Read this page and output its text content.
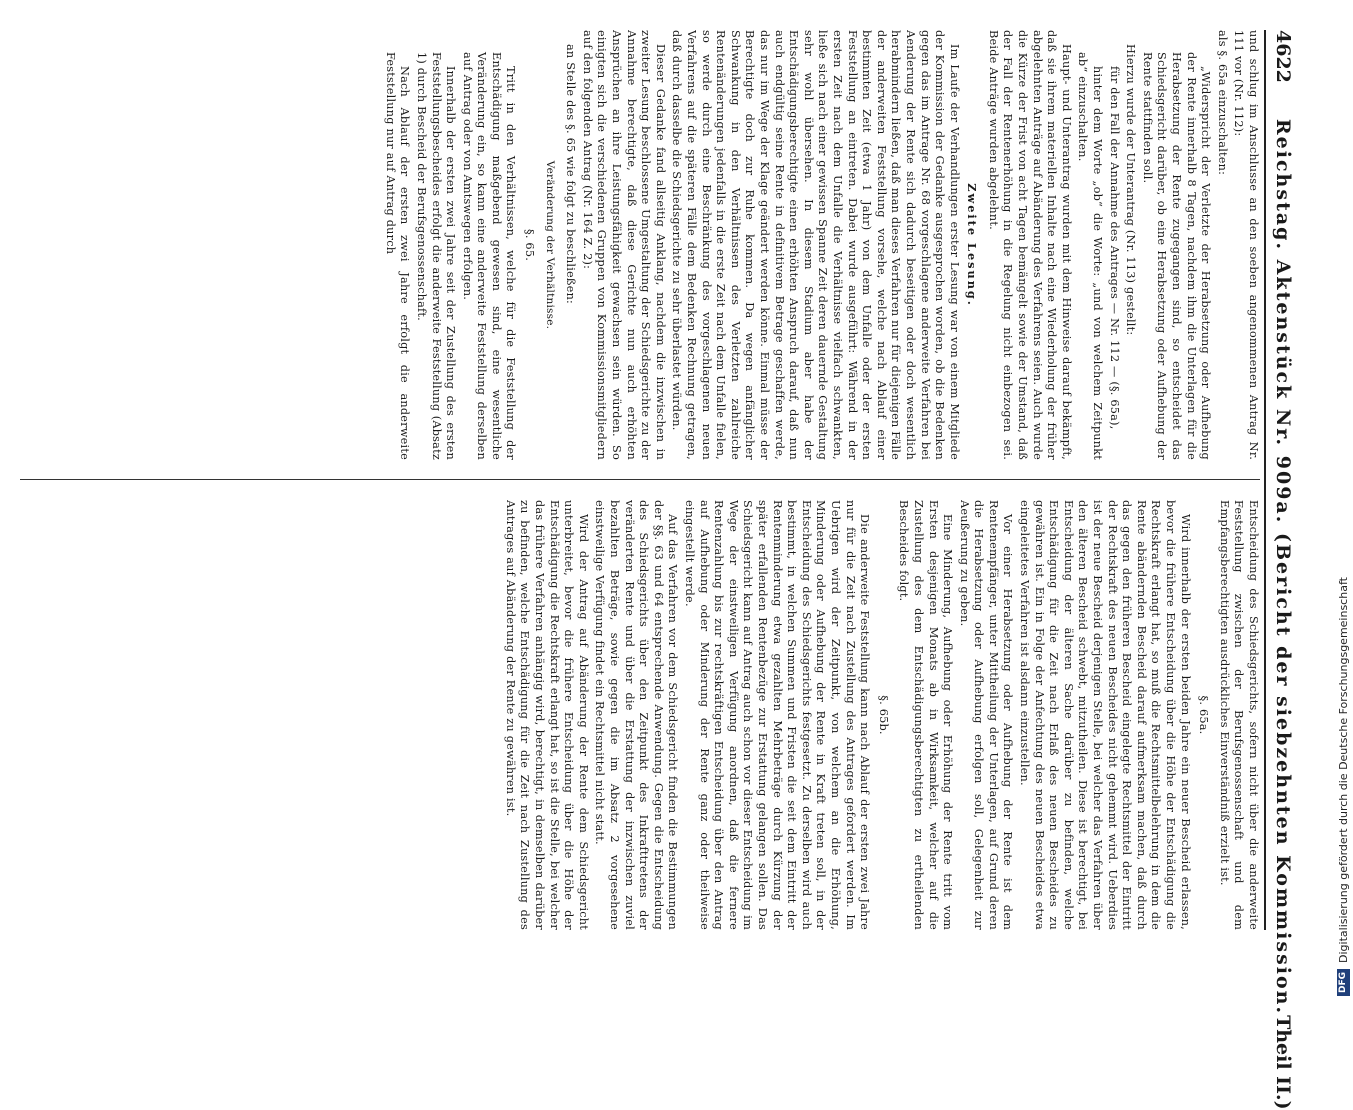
4622
Reichstag. Aktenstück Nr. 909a. (Bericht der siebzehnten Kommission.
Theil II.)

und schlug im Anschlusse an den soeben angenommenen Antrag Nr. 111 vor (Nr. 112):

als §. 65a einzuschalten:

„Widerspricht der Verletzte der Herabsetzung oder Aufhebung der Rente innerhalb 8 Tagen, nachdem ihm die Unterlagen für die Herabsetzung der Rente zugegangen sind, so entscheidet das Schiedsgericht darüber, ob eine Herabsetzung oder Aufhebung der Rente stattfinden soll.

Hierzu wurde der Unterantrag (Nr. 113) gestellt:

für den Fall der Annahme des Antrages — Nr. 112 — (§. 65a),

hinter dem Worte „ob“ die Worte: „und von welchem Zeitpunkt ab“ einzuschalten.

Haupt- und Unterantrag wurden mit dem Hinweise darauf bekämpft, daß sie ihrem materiellen Inhalte nach eine Wiederholung der früher abgelehnten Anträge auf Abänderung des Verfahrens seien. Auch wurde die Kürze der Frist von acht Tagen bemängelt sowie der Umstand, daß der Fall der Rentenerhöhung in die Regelung nicht einbezogen sei. Beide Anträge wurden abgelehnt.

Zweite Lesung.

Im Laufe der Verhandlungen erster Lesung war von einem Mitgliede der Kommission der Gedanke ausgesprochen worden, ob die Bedenken gegen das im Antrage Nr. 68 vorgeschlagene anderweite Verfahren bei Aenderung der Rente sich dadurch beseitigen oder doch wesentlich herabmindern ließen, daß man dieses Verfahren nur für diejenigen Fälle der anderweiten Feststellung vorsehe, welche nach Ablauf einer bestimmten Zeit (etwa 1 Jahr) von dem Unfalle oder der ersten Feststellung an eintreten. Dabei wurde ausgeführt: Während in der ersten Zeit nach dem Unfalle die Verhältnisse vielfach schwankten, ließe sich nach einer gewissen Spanne Zeit deren dauernde Gestaltung sehr wohl übersehen. In diesem Stadium aber habe der Entschädigungsberechtigte einen erhöhten Anspruch darauf, daß nun auch endgültig seine Rente in definitivem Betrage geschaffen werde, das nur im Wege der Klage geändert werden könne. Einmal müsse der Berechtigte doch zur Ruhe kommen. Da wegen anfänglicher Schwankung in den Verhältnissen des Verletzten zahlreiche Rentenänderungen jedenfalls in die erste Zeit nach dem Unfalle fielen, so werde durch eine Beschränkung des vorgeschlagenen neuen Verfahrens auf die späteren Fälle dem Bedenken Rechnung getragen, daß durch dasselbe die Schiedsgerichte zu sehr überlastet würden.

Dieser Gedanke fand allseitig Anklang, nachdem die inzwischen in zweiter Lesung beschlossene Umgestaltung der Schiedsgerichte zu der Annahme berechtigte, daß diese Gerichte nun auch erhöhten Ansprüchen an ihre Leistungsfähigkeit gewachsen sein würden. So einigten sich die verschiedenen Gruppen von Kommissionsmitgliedern auf den folgenden Antrag (Nr. 164 Z. 2):

an Stelle des §. 65 wie folgt zu beschließen:

Veränderung der Verhältnisse.
§. 65.

Tritt in den Verhältnissen, welche für die Feststellung der Entschädigung maßgebend gewesen sind, eine wesentliche Veränderung ein, so kann eine anderweite Feststellung derselben auf Antrag oder von Amtswegen erfolgen.

Innerhalb der ersten zwei Jahre seit der Zustellung des ersten Feststellungsbescheides erfolgt die anderweite Feststellung (Absatz 1) durch Bescheid der Berufsgenossenschaft.

Nach Ablauf der ersten zwei Jahre erfolgt die anderweite Feststellung nur auf Antrag durch

Entscheidung des Schiedsgerichts, sofern nicht über die anderweite Feststellung zwischen der Berufsgenossenschaft und dem Empfangsberechtigten ausdrückliches Einverständniß erzielt ist.

§. 65a.

Wird innerhalb der ersten beiden Jahre ein neuer Bescheid erlassen, bevor die frühere Entscheidung über die Höhe der Entschädigung die Rechtskraft erlangt hat, so muß die Rechtsmittelbelehrung in dem die Rente abändernden Bescheid darauf aufmerksam machen, daß durch das gegen den früheren Bescheid eingelegte Rechtsmittel der Eintritt der Rechtskraft des neuen Bescheides nicht gehemmt wird. Ueberdies ist der neue Bescheid derjenigen Stelle, bei welcher das Verfahren über den älteren Bescheid schwebt, mitzutheilen. Diese ist berechtigt, bei Entscheidung der älteren Sache darüber zu befinden, welche Entschädigung für die Zeit nach Erlaß des neuen Bescheides zu gewähren ist. Ein in Folge der Anfechtung des neuen Bescheides etwa eingeleitetes Verfahren ist alsdann einzustellen.

Vor einer Herabsetzung oder Aufhebung der Rente ist dem Rentenempfänger, unter Mittheilung der Unterlagen, auf Grund deren die Herabsetzung oder Aufhebung erfolgen soll, Gelegenheit zur Aeußerung zu geben.

Eine Minderung, Aufhebung oder Erhöhung der Rente tritt vom Ersten desjenigen Monats ab in Wirksamkeit, welcher auf die Zustellung des dem Entschädigungsberechtigten zu ertheilenden Bescheides folgt.

§. 65b.

Die anderweite Feststellung kann nach Ablauf der ersten zwei Jahre nur für die Zeit nach Zustellung des Antrages gefordert werden. Im Uebrigen wird der Zeitpunkt, von welchem an die Erhöhung, Minderung oder Aufhebung der Rente in Kraft treten soll, in der Entscheidung des Schiedsgerichts festgesetzt. Zu derselben wird auch bestimmt, in welchen Summen und Fristen die seit dem Eintritt der Rentenminderung etwa gezahlten Mehrbeträge durch Kürzung der später erfallenden Rentenbezüge zur Erstattung gelangen sollen. Das Schiedsgericht kann auf Antrag auch schon vor dieser Entscheidung im Wege der einstweiligen Verfügung anordnen, daß die fernere Rentenzahlung bis zur rechtskräftigen Entscheidung über den Antrag auf Aufhebung oder Minderung der Rente ganz oder theilweise eingestellt werde.

Auf das Verfahren vor dem Schiedsgericht finden die Bestimmungen der §§. 63 und 64 entsprechende Anwendung. Gegen die Entscheidung des Schiedsgerichts über den Zeitpunkt des Inkrafttretens der veränderten Rente und über die Erstattung der inzwischen zuviel bezahlten Beträge, sowie gegen die im Absatz 2 vorgesehene einstweilige Verfügung findet ein Rechtsmittel nicht statt.

Wird der Antrag auf Abänderung der Rente dem Schiedsgericht unterbreitet, bevor die frühere Entscheidung über die Höhe der Entschädigung die Rechtskraft erlangt hat, so ist die Stelle, bei welcher das frühere Verfahren anhängig wird, berechtigt, in demselben darüber zu befinden, welche Entschädigung für die Zeit nach Zustellung des Antrages auf Abänderung der Rente zu gewähren ist.

DFG
Digitalisierung gefördert durch die Deutsche Forschungsgemeinschaft
